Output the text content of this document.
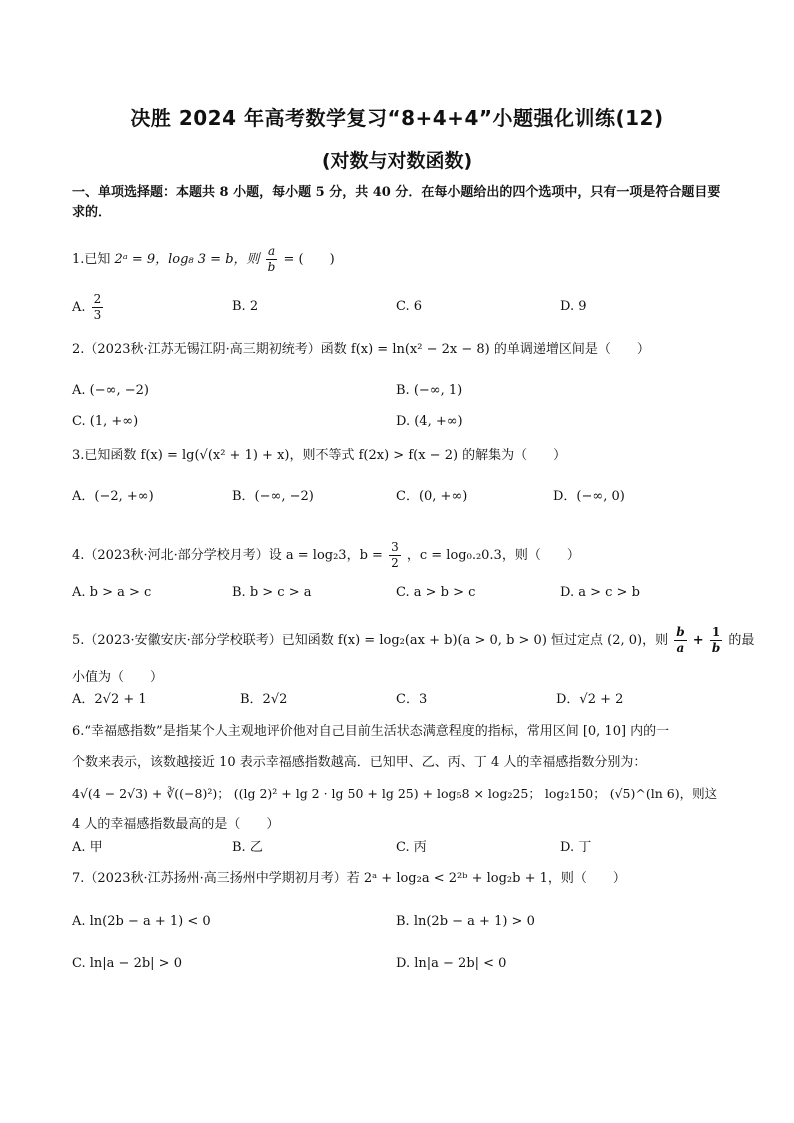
决胜 2024 年高考数学复习“8+4+4”小题强化训练(12)
(对数与对数函数)
一、单项选择题：本题共 8 小题，每小题 5 分，共 40 分．在每小题给出的四个选项中，只有一项是符合题目要求的．
1.已知 2ᵃ = 9，log₈ 3 = b，则 $\frac{a}{b}$ = (　　)
A. $\frac{2}{3}$	B. 2	C. 6	D. 9
2.（2023秋·江苏无锡江阴·高三期初统考）函数 f(x) = ln(x² − 2x − 8) 的单调递增区间是（　　）
A. (−∞, −2)	B. (−∞, 1)
C. (1, +∞)	D. (4, +∞)
3.已知函数 f(x) = lg(√(x² + 1) + x)，则不等式 f(2x) > f(x − 2) 的解集为（　　）
A．(−2, +∞)	B．(−∞, −2)	C．(0, +∞)	D．(−∞, 0)
4.（2023秋·河北·部分学校月考）设 a = log₂3，$b = \frac{3}{2}$ ，c = log₀.₂0.3，则（　　）
A. b > a > c	B. b > c > a	C. a > b > c	D. a > c > b
5.（2023·安徽安庆·部分学校联考）已知函数 f(x) = log₂(ax + b)(a > 0, b > 0) 恒过定点 (2, 0)，则 $\frac{b}{a} + \frac{1}{b}$ 的最
小值为（　　）
A．2√2 + 1	B．2√2	C．3	D．√2 + 2
6.“幸福感指数”是指某个人主观地评价他对自己目前生活状态满意程度的指标，常用区间 [0, 10] 内的一
个数来表示，该数越接近 10 表示幸福感指数越高．已知甲、乙、丙、丁 4 人的幸福感指数分别为：
4√(4 − 2√3) + ∛((−8)²)； ((lg 2)² + lg 2 · lg 50 + lg 25) + log₅8 × log₂25； log₂150； (√5)^(ln 6)，则这
4 人的幸福感指数最高的是（　　）
A. 甲	B. 乙	C. 丙	D. 丁
7.（2023秋·江苏扬州·高三扬州中学期初月考）若 2ᵃ + log₂a < 2²ᵇ + log₂b + 1，则（　　）
A. ln(2b − a + 1) < 0	B. ln(2b − a + 1) > 0
C. ln|a − 2b| > 0	D. ln|a − 2b| < 0
